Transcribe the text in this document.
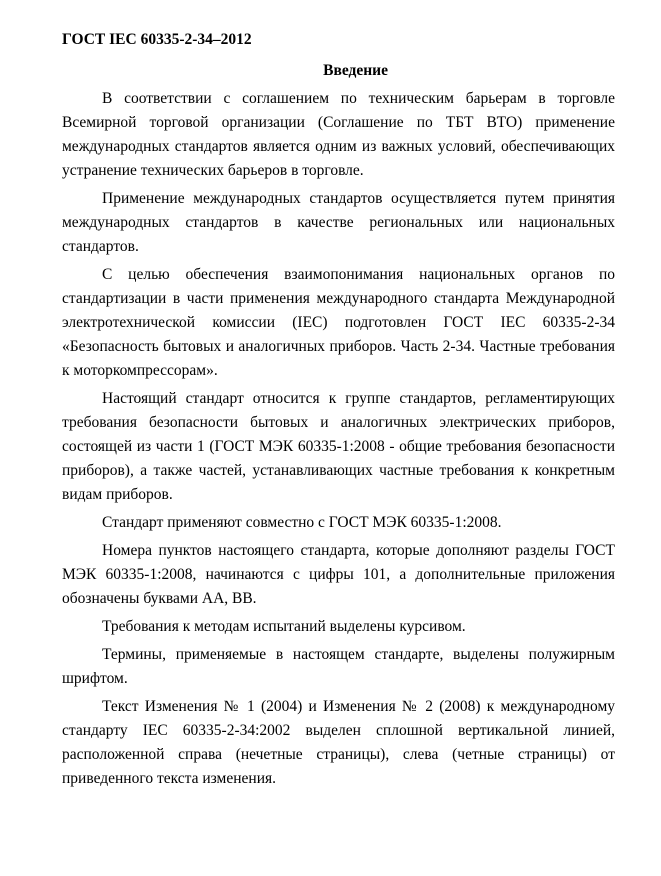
ГОСТ IEC 60335-2-34–2012
Введение

В соответствии с соглашением по техническим барьерам в торговле Всемирной торговой организации (Соглашение по ТБТ ВТО) применение международных стандартов является одним из важных условий, обеспечивающих устранение технических барьеров в торговле.

Применение международных стандартов осуществляется путем принятия международных стандартов в качестве региональных или национальных стандартов.

С целью обеспечения взаимопонимания национальных органов по стандартизации в части применения международного стандарта Международной электротехнической комиссии (IEC) подготовлен ГОСТ IEC 60335-2-34 «Безопасность бытовых и аналогичных приборов. Часть 2-34. Частные требования к моторкомпрессорам».

Настоящий стандарт относится к группе стандартов, регламентирующих требования безопасности бытовых и аналогичных электрических приборов, состоящей из части 1 (ГОСТ МЭК 60335-1:2008 - общие требования безопасности приборов), а также частей, устанавливающих частные требования к конкретным видам приборов.

Стандарт применяют совместно с ГОСТ МЭК 60335-1:2008.

Номера пунктов настоящего стандарта, которые дополняют разделы ГОСТ МЭК 60335-1:2008, начинаются с цифры 101, а дополнительные приложения обозначены буквами АА, ВВ.

Требования к методам испытаний выделены курсивом.

Термины, применяемые в настоящем стандарте, выделены полужирным шрифтом.

Текст Изменения № 1 (2004) и Изменения № 2 (2008) к международному стандарту IEC 60335-2-34:2002 выделен сплошной вертикальной линией, расположенной справа (нечетные страницы), слева (четные страницы) от приведенного текста изменения.
